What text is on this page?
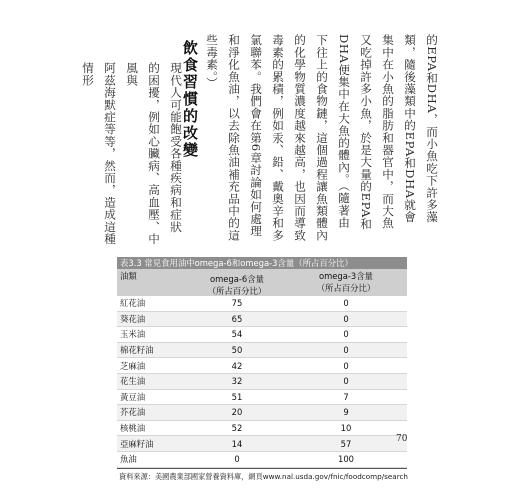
的EPA和DHA，而小魚吃下許多藻
類，隨後藻類中的EPA和DHA就會
集中在小魚的脂肪和器官中，而大魚
又吃掉許多小魚，於是大量的EPA和
DHA便集中在大魚的體內。（隨著由
下往上的食物鏈，這個過程讓魚類體內
的化學物質濃度越來越高，也因而導致
毒素的累積，例如汞、鉛、戴奧辛和多
氯聯苯。我們會在第6章討論如何處理
和淨化魚油，以去除魚油補充品中的這
些毒素。）
飲食習慣的改變
現代人可能飽受各種疾病和症狀
的困擾，例如心臟病、高血壓、中風與
阿茲海默症等等，然而，造成這種情形
表3.3 常見食用油中omega-6和omega-3含量（所占百分比）
油類	omega-6含量
（所占百分比）
omega-3含量
（所占百分比）
紅花油	75	0
葵花油	65	0
玉米油	54	0
棉花籽油	50	0
芝麻油	42	0
花生油	32	0
黃豆油	51	7
芥花油	20	9
核桃油	52	10
亞麻籽油	14	57
魚油	0	100
資料來源：美國農業部國家營養資料庫，網頁www.nal.usda.gov/fnic/foodcomp/search
70
